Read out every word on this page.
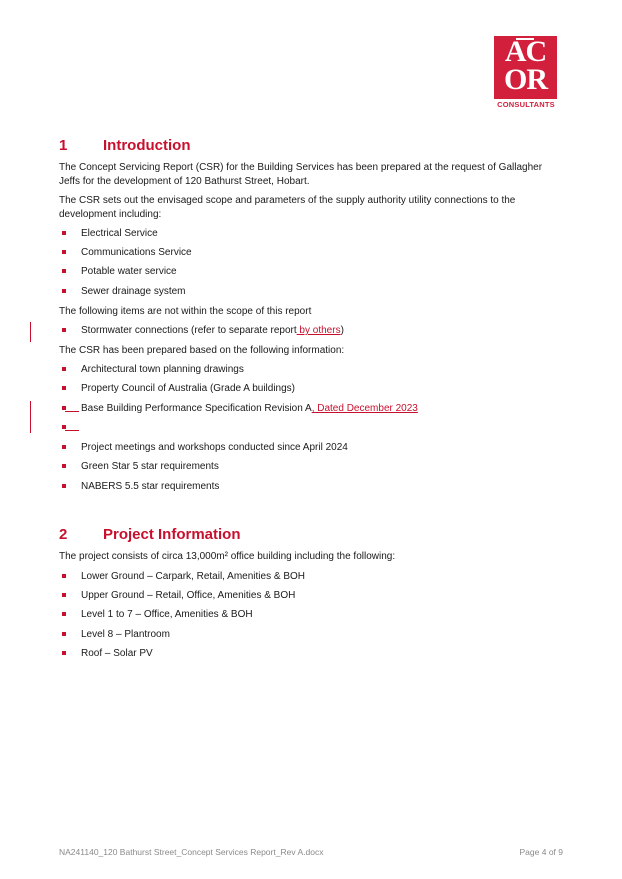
AC
OR
CONSULTANTS
1 Introduction

The Concept Servicing Report (CSR) for the Building Services has been prepared at the request of Gallagher Jeffs for the development of 120 Bathurst Street, Hobart.

The CSR sets out the envisaged scope and parameters of the supply authority utility connections to the development including:

Electrical Service
Communications Service
Potable water service
Sewer drainage system

The following items are not within the scope of this report

Stormwater connections (refer to separate report by others)

The CSR has been prepared based on the following information:

Architectural town planning drawings
Property Council of Australia (Grade A buildings)
Base Building Performance Specification Revision A, Dated December 2023
Project meetings and workshops conducted since April 2024
Green Star 5 star requirements
NABERS 5.5 star requirements
2 Project Information

The project consists of circa 13,000m² office building including the following:

Lower Ground – Carpark, Retail, Amenities & BOH
Upper Ground – Retail, Office, Amenities & BOH
Level 1 to 7 – Office, Amenities & BOH
Level 8 – Plantroom
Roof – Solar PV
NA241140_120 Bathurst Street_Concept Services Report_Rev A.docx	Page 4 of 9
